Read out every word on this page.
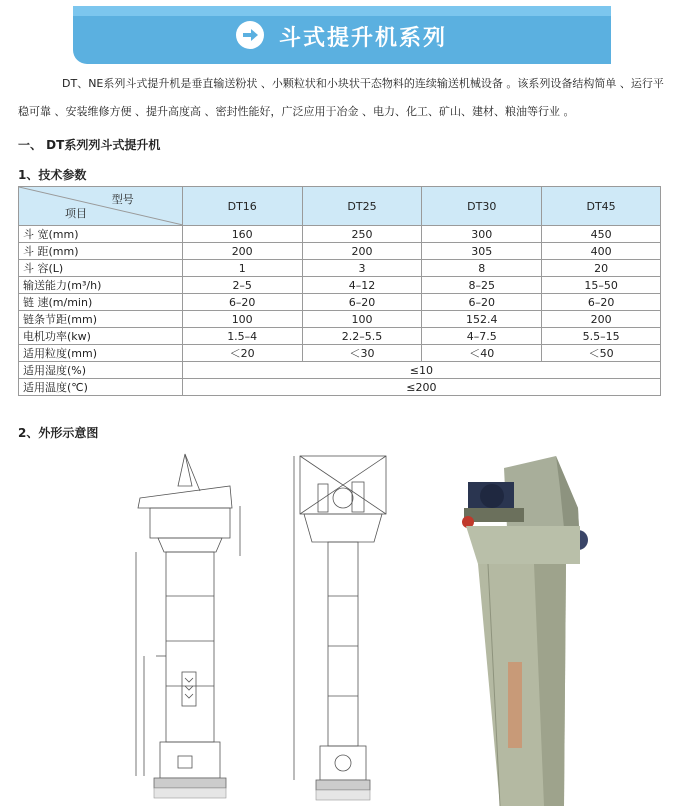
斗式提升机系列
DT、NE系列斗式提升机是垂直输送粉状 、小颗粒状和小块状干态物料的连续输送机械设备 。该系列设备结构简单 、运行平稳可靠 、安装维修方便 、提升高度高 、密封性能好，广泛应用于冶金 、电力、化工、矿山、建材、粮油等行业 。
一、 DT系列列斗式提升机
1、技术参数
型号
项目	DT16	DT25	DT30	DT45
斗 宽(mm)	160	250	300	450
斗 距(mm)	200	200	305	400
斗 容(L)	1	3	8	20
输送能力(m³/h)	2–5	4–12	8–25	15–50
链 速(m/min)	6–20	6–20	6–20	6–20
链条节距(mm)	100	100	152.4	200
电机功率(kw)	1.5–4	2.2–5.5	4–7.5	5.5–15
适用粒度(mm)	＜20	＜30	＜40	＜50
适用湿度(%)	≤10			
适用温度(℃)	≤200			
2、外形示意图
